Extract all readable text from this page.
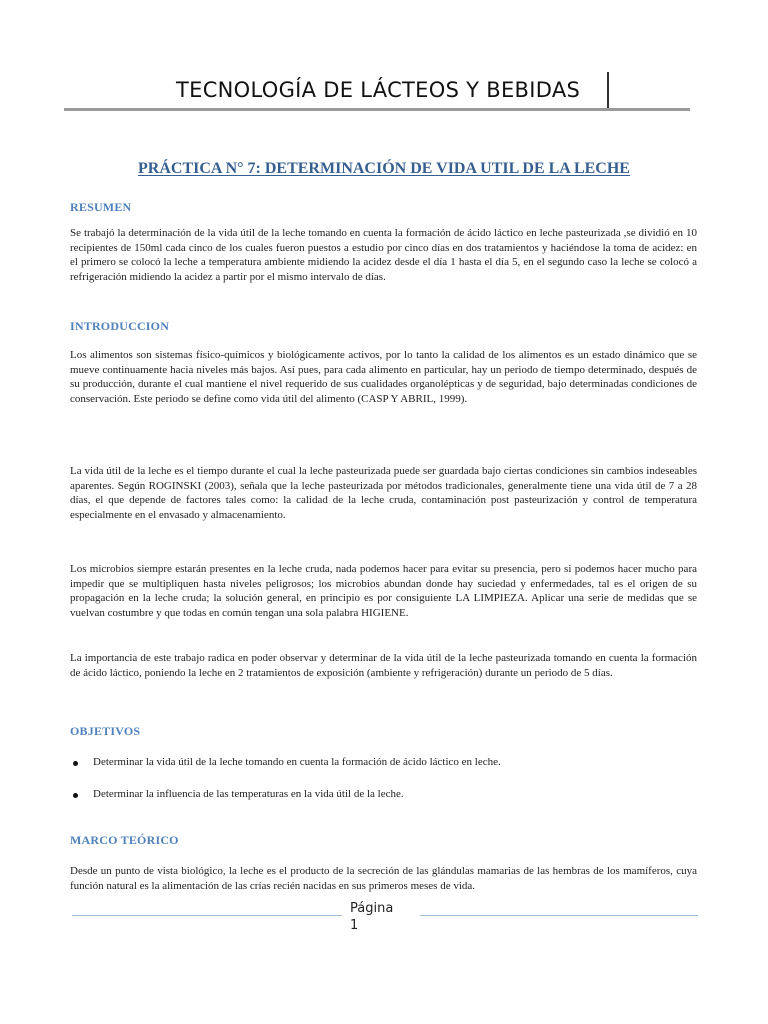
TECNOLOGÍA DE LÁCTEOS Y BEBIDAS
PRÁCTICA N° 7: DETERMINACIÓN DE VIDA UTIL DE LA LECHE
RESUMEN
Se trabajó la determinación de la vida útil de la leche tomando en cuenta la formación de ácido láctico en leche pasteurizada ,se dividió en 10 recipientes de 150ml cada cinco de los cuales fueron puestos a estudio por cinco días en dos tratamientos y haciéndose la toma de acidez: en el primero se colocó la leche a temperatura ambiente midiendo la acidez desde el día 1 hasta el día 5, en el segundo caso la leche se colocó a refrigeración midiendo la acidez a partir por el mismo intervalo de días.
INTRODUCCION
Los alimentos son sistemas físico-químicos y biológicamente activos, por lo tanto la calidad de los alimentos es un estado dinámico que se mueve continuamente hacia niveles más bajos. Así pues, para cada alimento en particular, hay un periodo de tiempo determinado, después de su producción, durante el cual mantiene el nivel requerido de sus cualidades organolépticas y de seguridad, bajo determinadas condiciones de conservación. Este periodo se define como vida útil del alimento (CASP Y ABRIL, 1999).
La vida útil de la leche es el tiempo durante el cual la leche pasteurizada puede ser guardada bajo ciertas condiciones sin cambios indeseables aparentes. Según ROGINSKI (2003), señala que la leche pasteurizada por métodos tradicionales, generalmente tiene una vida útil de 7 a 28 días, el que depende de factores tales como: la calidad de la leche cruda, contaminación post pasteurización y control de temperatura especialmente en el envasado y almacenamiento.
Los microbios siempre estarán presentes en la leche cruda, nada podemos hacer para evitar su presencia, pero si podemos hacer mucho para impedir que se multipliquen hasta niveles peligrosos; los microbios abundan donde hay suciedad y enfermedades, tal es el origen de su propagación en la leche cruda; la solución general, en principio es por consiguiente LA LIMPIEZA. Aplicar una serie de medidas que se vuelvan costumbre y que todas en común tengan una sola palabra HIGIENE.
La importancia de este trabajo radica en poder observar y determinar de la vida útil de la leche pasteurizada tomando en cuenta la formación de ácido láctico, poniendo la leche en 2 tratamientos de exposición (ambiente y refrigeración) durante un periodo de 5 días.
OBJETIVOS
Determinar la vida útil de la leche tomando en cuenta la formación de ácido láctico en leche.
Determinar la influencia de las temperaturas en la vida útil de la leche.
MARCO TEÓRICO
Desde un punto de vista biológico, la leche es el producto de la secreción de las glándulas mamarias de las hembras de los mamíferos, cuya función natural es la alimentación de las crías recién nacidas en sus primeros meses de vida.
Página
1
